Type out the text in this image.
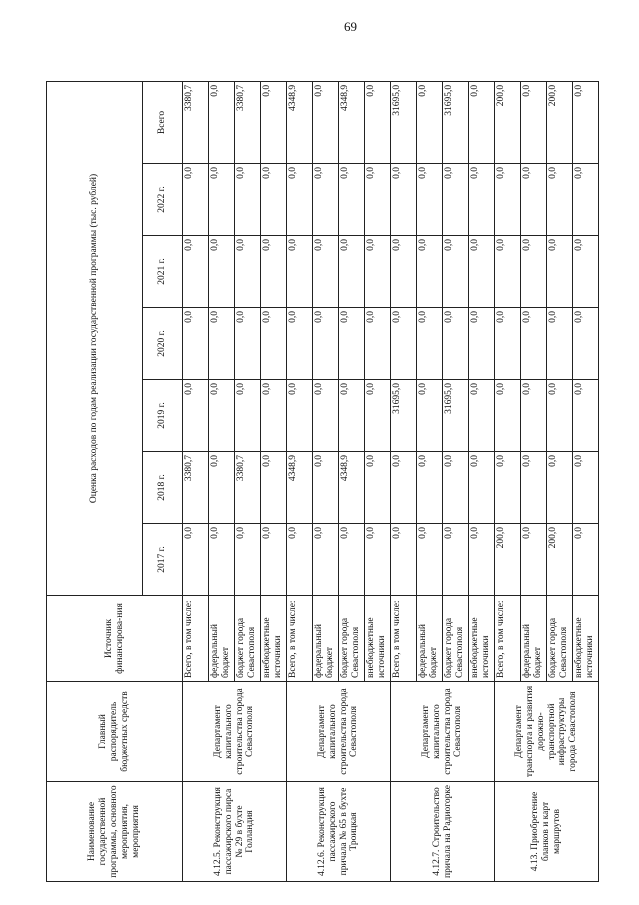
69
Наименование государственной программы, основного мероприятия, мероприятия	Главный распорядитель бюджетных средств	Источник финансирова-ния	Оценка расходов по годам реализации государственной программы (тыс. рублей)						
			2017 г.	2018 г.	2019 г.	2020 г.	2021 г.	2022 г.	Всего
4.12.5. Реконструкция пассажирского пирса № 29 в бухте Голландия	Департамент капитального строительства города Севастополя	Всего, в том числе:	0,0	3380,7	0,0	0,0	0,0	0,0	3380,7
		федеральный бюджет	0,0	0,0	0,0	0,0	0,0	0,0	0,0
		бюджет города Севастополя	0,0	3380,7	0,0	0,0	0,0	0,0	3380,7
		внебюджетные источники	0,0	0,0	0,0	0,0	0,0	0,0	0,0
4.12.6. Реконструкция пассажирского причала № 65 в бухте Троицкая	Департамент капитального строительства города Севастополя	Всего, в том числе:	0,0	4348,9	0,0	0,0	0,0	0,0	4348,9
		федеральный бюджет	0,0	0,0	0,0	0,0	0,0	0,0	0,0
		бюджет города Севастополя	0,0	4348,9	0,0	0,0	0,0	0,0	4348,9
		внебюджетные источники	0,0	0,0	0,0	0,0	0,0	0,0	0,0
4.12.7. Строительство причала на Радиогорке	Департамент капитального строительства города Севастополя	Всего, в том числе:	0,0	0,0	31695,0	0,0	0,0	0,0	31695,0
		федеральный бюджет	0,0	0,0	0,0	0,0	0,0	0,0	0,0
		бюджет города Севастополя	0,0	0,0	31695,0	0,0	0,0	0,0	31695,0
		внебюджетные источники	0,0	0,0	0,0	0,0	0,0	0,0	0,0
4.13. Приобретение бланков и карт маршрутов	Департамент транспорта и развития дорожно-транспортной инфраструктуры города Севастополя	Всего, в том числе:	200,0	0,0	0,0	0,0	0,0	0,0	200,0
		федеральный бюджет	0,0	0,0	0,0	0,0	0,0	0,0	0,0
		бюджет города Севастополя	200,0	0,0	0,0	0,0	0,0	0,0	200,0
		внебюджетные источники	0,0	0,0	0,0	0,0	0,0	0,0	0,0
